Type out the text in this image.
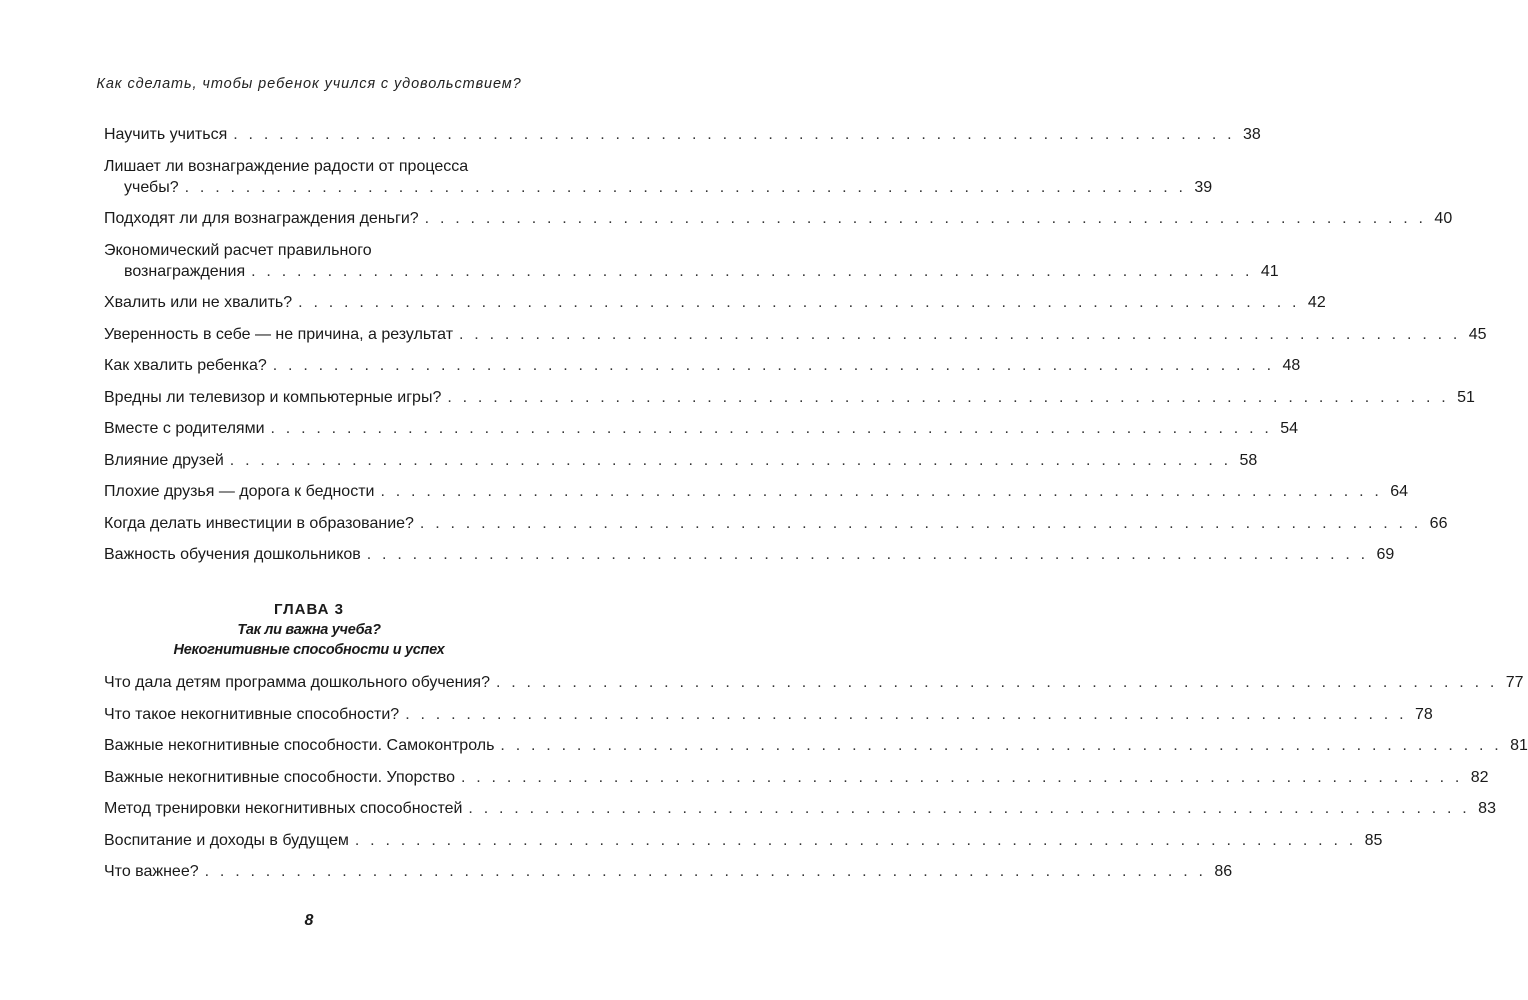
Как сделать, чтобы ребенок учился с удовольствием?
Научить учиться . . . . . . . . . . . . . . . . . . . . . . . . . . . . . . . . . . . . . . . . . . . . . . . . . . . . . . . . . . . . . . . . . . 38
Лишает ли вознаграждение радости от процесса
учебы? . . . . . . . . . . . . . . . . . . . . . . . . . . . . . . . . . . . . . . . . . . . . . . . . . . . . . . . . . . . . . . . . . . 39
Подходят ли для вознаграждения деньги? . . . . . . . . . . . . . . . . . . . . . . . . . . . . . . . . . . . . . . . . . . . . . . . . . . . . . . . . . . . . . . . . . . 40
Экономический расчет правильного
вознаграждения . . . . . . . . . . . . . . . . . . . . . . . . . . . . . . . . . . . . . . . . . . . . . . . . . . . . . . . . . . . . . . . . . . 41
Хвалить или не хвалить? . . . . . . . . . . . . . . . . . . . . . . . . . . . . . . . . . . . . . . . . . . . . . . . . . . . . . . . . . . . . . . . . . . 42
Уверенность в себе — не причина, а результат . . . . . . . . . . . . . . . . . . . . . . . . . . . . . . . . . . . . . . . . . . . . . . . . . . . . . . . . . . . . . . . . . . 45
Как хвалить ребенка? . . . . . . . . . . . . . . . . . . . . . . . . . . . . . . . . . . . . . . . . . . . . . . . . . . . . . . . . . . . . . . . . . . 48
Вредны ли телевизор и компьютерные игры? . . . . . . . . . . . . . . . . . . . . . . . . . . . . . . . . . . . . . . . . . . . . . . . . . . . . . . . . . . . . . . . . . . 51
Вместе с родителями . . . . . . . . . . . . . . . . . . . . . . . . . . . . . . . . . . . . . . . . . . . . . . . . . . . . . . . . . . . . . . . . . . 54
Влияние друзей . . . . . . . . . . . . . . . . . . . . . . . . . . . . . . . . . . . . . . . . . . . . . . . . . . . . . . . . . . . . . . . . . . 58
Плохие друзья — дорога к бедности . . . . . . . . . . . . . . . . . . . . . . . . . . . . . . . . . . . . . . . . . . . . . . . . . . . . . . . . . . . . . . . . . . 64
Когда делать инвестиции в образование? . . . . . . . . . . . . . . . . . . . . . . . . . . . . . . . . . . . . . . . . . . . . . . . . . . . . . . . . . . . . . . . . . . 66
Важность обучения дошкольников . . . . . . . . . . . . . . . . . . . . . . . . . . . . . . . . . . . . . . . . . . . . . . . . . . . . . . . . . . . . . . . . . . 69
ГЛАВА 3
Так ли важна учеба?
Некогнитивные способности и успех
Что дала детям программа дошкольного обучения? . . . . . . . . . . . . . . . . . . . . . . . . . . . . . . . . . . . . . . . . . . . . . . . . . . . . . . . . . . . . . . . . . . 77
Что такое некогнитивные способности? . . . . . . . . . . . . . . . . . . . . . . . . . . . . . . . . . . . . . . . . . . . . . . . . . . . . . . . . . . . . . . . . . . 78
Важные некогнитивные способности. Самоконтроль . . . . . . . . . . . . . . . . . . . . . . . . . . . . . . . . . . . . . . . . . . . . . . . . . . . . . . . . . . . . . . . . . . 81
Важные некогнитивные способности. Упорство . . . . . . . . . . . . . . . . . . . . . . . . . . . . . . . . . . . . . . . . . . . . . . . . . . . . . . . . . . . . . . . . . . 82
Метод тренировки некогнитивных способностей . . . . . . . . . . . . . . . . . . . . . . . . . . . . . . . . . . . . . . . . . . . . . . . . . . . . . . . . . . . . . . . . . . 83
Воспитание и доходы в будущем . . . . . . . . . . . . . . . . . . . . . . . . . . . . . . . . . . . . . . . . . . . . . . . . . . . . . . . . . . . . . . . . . . 85
Что важнее? . . . . . . . . . . . . . . . . . . . . . . . . . . . . . . . . . . . . . . . . . . . . . . . . . . . . . . . . . . . . . . . . . . 86
8
